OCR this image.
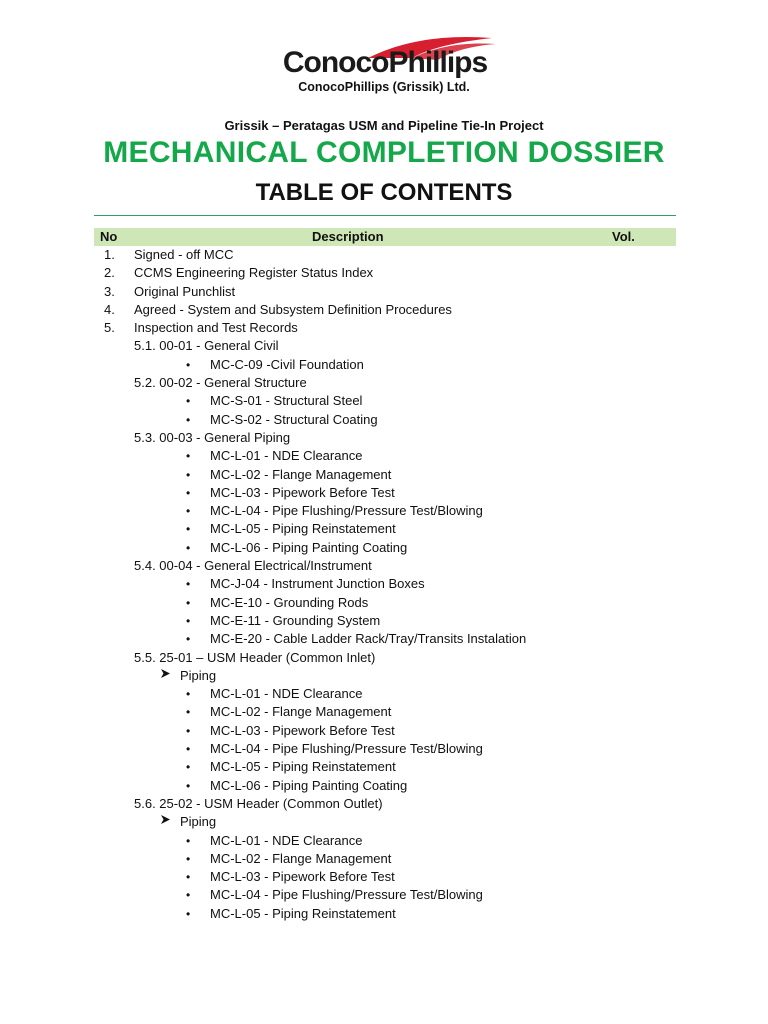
ConocoPhillips
ConocoPhillips (Grissik) Ltd.
Grissik – Peratagas USM and Pipeline Tie-In Project
MECHANICAL COMPLETION DOSSIER
TABLE OF CONTENTS
No	Description	Vol.
1. Signed - off MCC
2. CCMS Engineering Register Status Index
3. Original Punchlist
4. Agreed - System and Subsystem Definition Procedures
5. Inspection and Test Records
5.1. 00-01 - General Civil
• MC-C-09 -Civil Foundation
5.2. 00-02 - General Structure
• MC-S-01 - Structural Steel
• MC-S-02 - Structural Coating
5.3. 00-03 - General Piping
• MC-L-01 - NDE Clearance
• MC-L-02 - Flange Management
• MC-L-03 - Pipework Before Test
• MC-L-04 - Pipe Flushing/Pressure Test/Blowing
• MC-L-05 - Piping Reinstatement
• MC-L-06 - Piping Painting Coating
5.4. 00-04 - General Electrical/Instrument
• MC-J-04 - Instrument Junction Boxes
• MC-E-10 - Grounding Rods
• MC-E-11 - Grounding System
• MC-E-20 - Cable Ladder Rack/Tray/Transits Instalation
5.5. 25-01 – USM Header (Common Inlet)
Piping
• MC-L-01 - NDE Clearance
• MC-L-02 - Flange Management
• MC-L-03 - Pipework Before Test
• MC-L-04 - Pipe Flushing/Pressure Test/Blowing
• MC-L-05 - Piping Reinstatement
• MC-L-06 - Piping Painting Coating
5.6. 25-02 - USM Header (Common Outlet)
Piping
• MC-L-01 - NDE Clearance
• MC-L-02 - Flange Management
• MC-L-03 - Pipework Before Test
• MC-L-04 - Pipe Flushing/Pressure Test/Blowing
• MC-L-05 - Piping Reinstatement
